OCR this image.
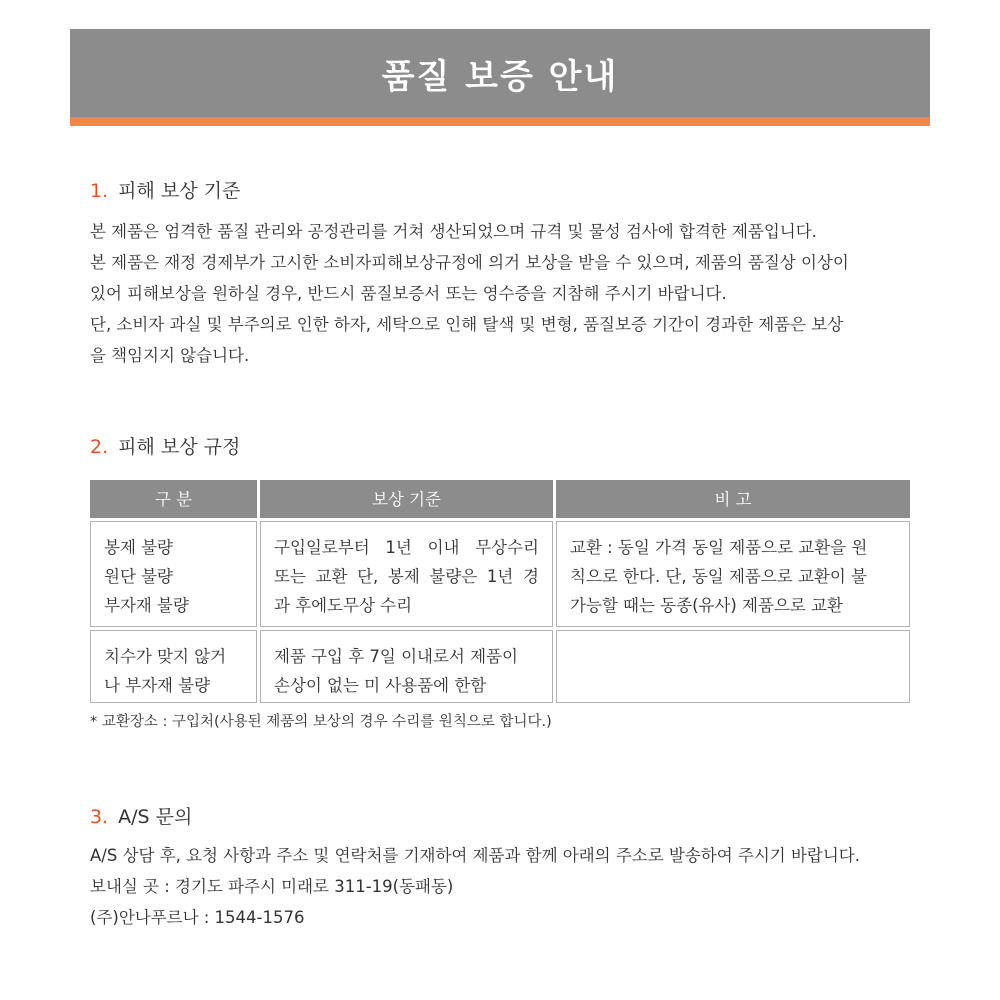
품질 보증 안내
1. 피해 보상 기준
본 제품은 엄격한 품질 관리와 공정관리를 거쳐 생산되었으며 규격 및 물성 검사에 합격한 제품입니다.
본 제품은 재정 경제부가 고시한 소비자피해보상규정에 의거 보상을 받을 수 있으며, 제품의 품질상 이상이
있어 피해보상을 원하실 경우, 반드시 품질보증서 또는 영수증을 지참해 주시기 바랍니다.
단, 소비자 과실 및 부주의로 인한 하자, 세탁으로 인해 탈색 및 변형, 품질보증 기간이 경과한 제품은 보상
을 책임지지 않습니다.
2. 피해 보상 규정
구 분	보상 기준	비 고
봉제 불량
원단 불량
부자재 불량
구입일로부터 1년 이내 무상수리
또는 교환 단, 봉제 불량은 1년 경
과 후에도무상 수리
교환 : 동일 가격 동일 제품으로 교환을 원
칙으로 한다. 단, 동일 제품으로 교환이 불
가능할 때는 동종(유사) 제품으로 교환
치수가 맞지 않거
나 부자재 불량
제품 구입 후 7일 이내로서 제품이
손상이 없는 미 사용품에 한함
* 교환장소 : 구입처(사용된 제품의 보상의 경우 수리를 원칙으로 합니다.)
3. A/S 문의
A/S 상담 후, 요청 사항과 주소 및 연락처를 기재하여 제품과 함께 아래의 주소로 발송하여 주시기 바랍니다.
보내실 곳 : 경기도 파주시 미래로 311-19(동패동)
(주)안나푸르나 : 1544-1576
